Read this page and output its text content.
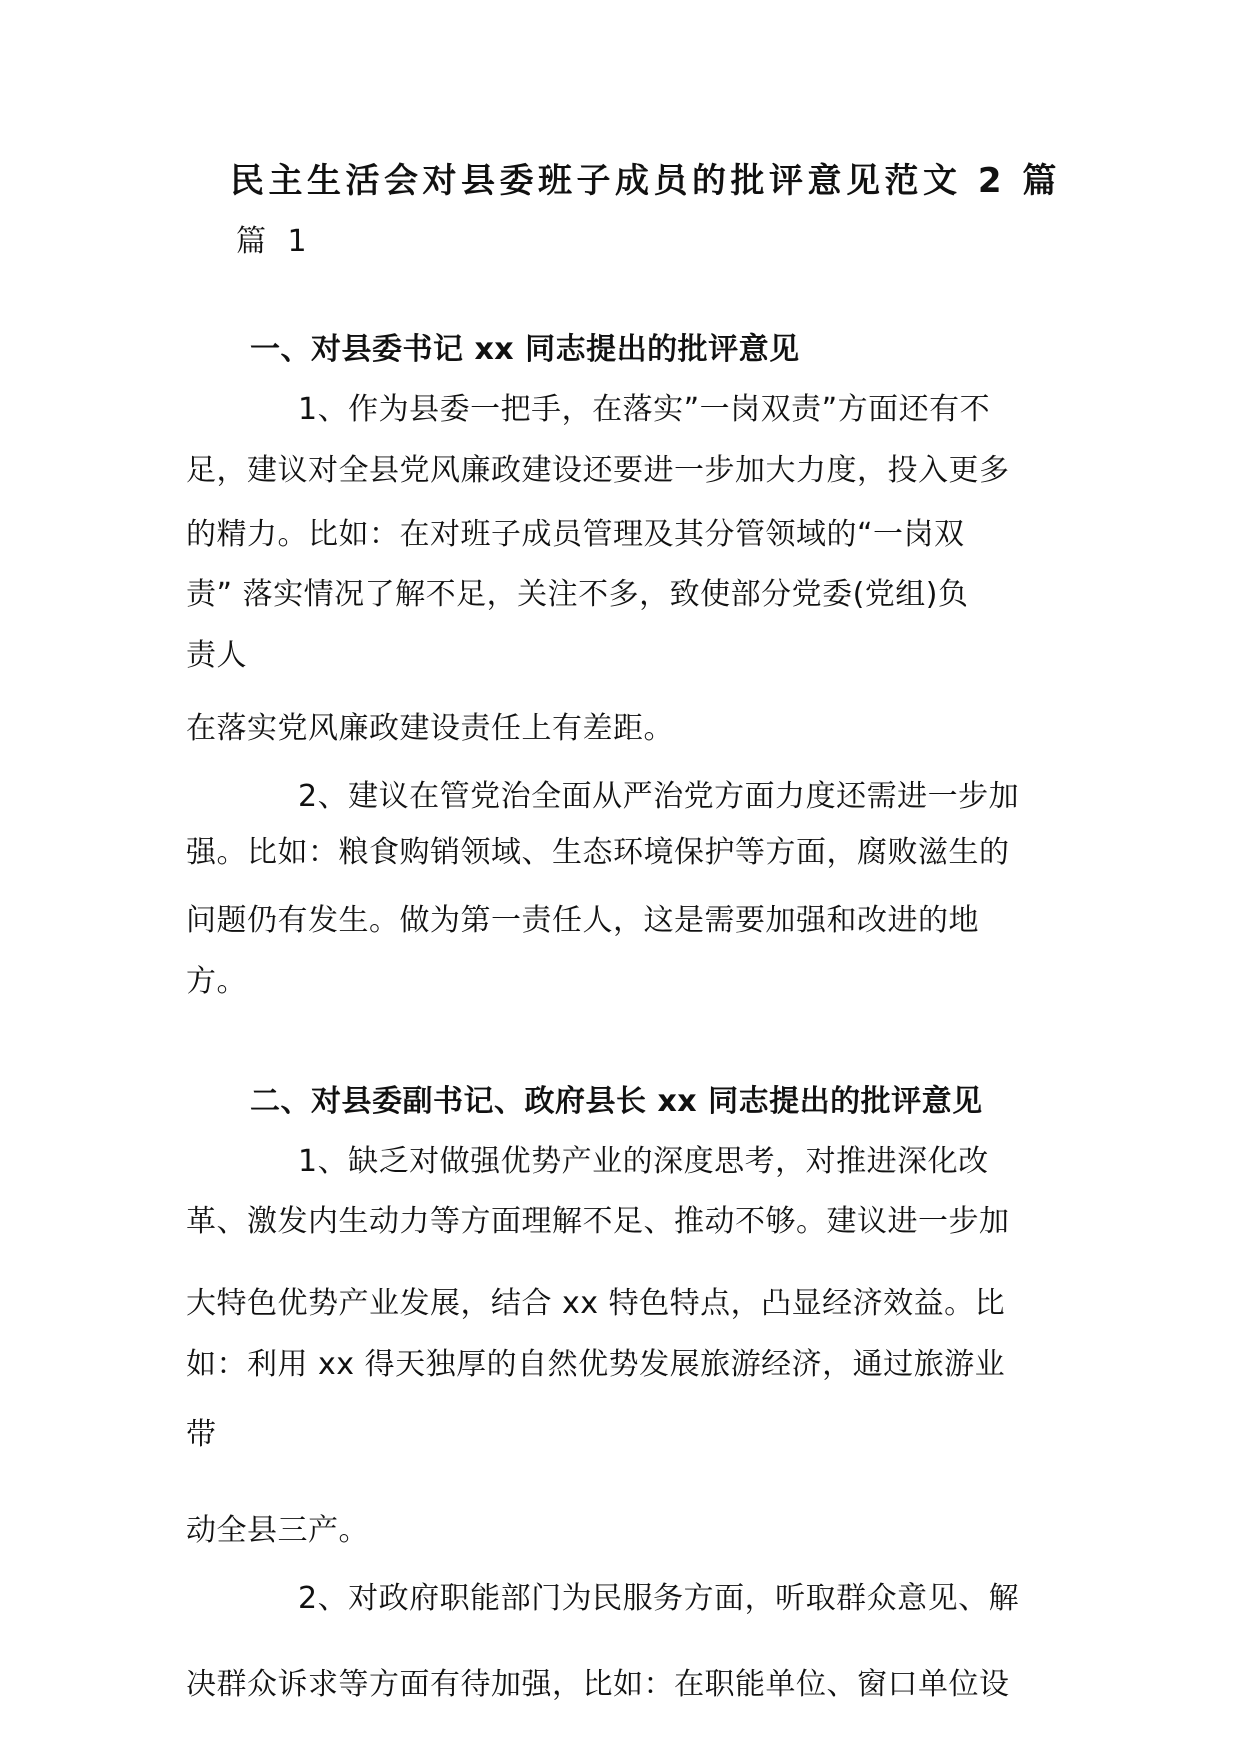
民主生活会对县委班子成员的批评意见范文 2 篇
篇 1
一、对县委书记 xx 同志提出的批评意见

1、作为县委一把手，在落实”一岗双责”方面还有不

足，建议对全县党风廉政建设还要进一步加大力度，投入更多

的精力。比如：在对班子成员管理及其分管领域的“一岗双

责” 落实情况了解不足，关注不多，致使部分党委(党组)负

责人

在落实党风廉政建设责任上有差距。

2、建议在管党治全面从严治党方面力度还需进一步加

强。比如：粮食购销领域、生态环境保护等方面，腐败滋生的

问题仍有发生。做为第一责任人，这是需要加强和改进的地

方。

二、对县委副书记、政府县长 xx 同志提出的批评意见

1、缺乏对做强优势产业的深度思考，对推进深化改

革、激发内生动力等方面理解不足、推动不够。建议进一步加

大特色优势产业发展，结合 xx 特色特点，凸显经济效益。比

如：利用 xx 得天独厚的自然优势发展旅游经济，通过旅游业

带

动全县三产。

2、对政府职能部门为民服务方面，听取群众意见、解

决群众诉求等方面有待加强，比如：在职能单位、窗口单位设
